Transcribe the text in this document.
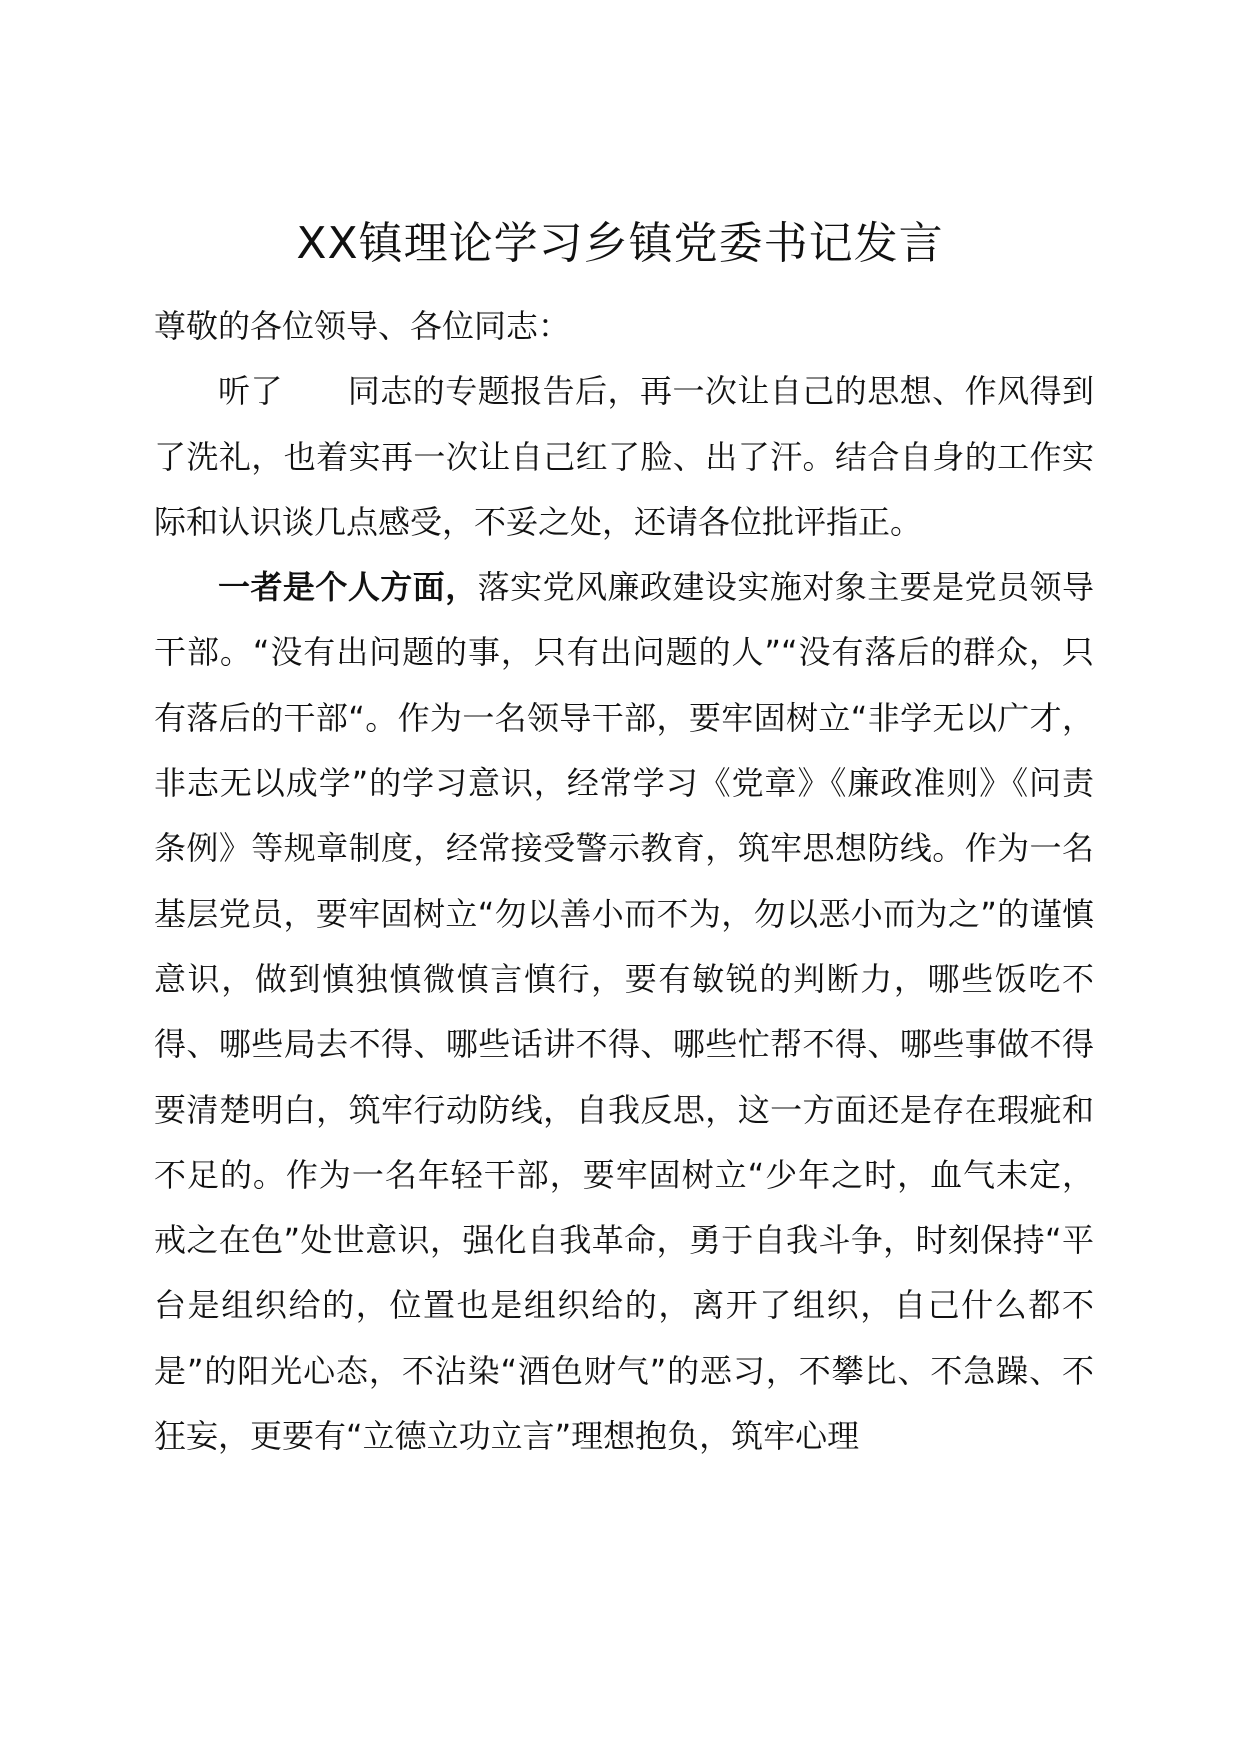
XX镇理论学习乡镇党委书记发言

尊敬的各位领导、各位同志：

听了　　同志的专题报告后，再一次让自己的思想、作风得到了洗礼，也着实再一次让自己红了脸、出了汗。结合自身的工作实际和认识谈几点感受，不妥之处，还请各位批评指正。

一者是个人方面，落实党风廉政建设实施对象主要是党员领导干部。“没有出问题的事，只有出问题的人”“没有落后的群众，只有落后的干部“。作为一名领导干部，要牢固树立“非学无以广才，非志无以成学”的学习意识，经常学习《党章》《廉政准则》《问责条例》等规章制度，经常接受警示教育，筑牢思想防线。作为一名基层党员，要牢固树立“勿以善小而不为，勿以恶小而为之”的谨慎意识，做到慎独慎微慎言慎行，要有敏锐的判断力，哪些饭吃不得、哪些局去不得、哪些话讲不得、哪些忙帮不得、哪些事做不得要清楚明白，筑牢行动防线，自我反思，这一方面还是存在瑕疵和不足的。作为一名年轻干部，要牢固树立“少年之时，血气未定，戒之在色”处世意识，强化自我革命，勇于自我斗争，时刻保持“平台是组织给的，位置也是组织给的，离开了组织，自己什么都不是”的阳光心态，不沾染“酒色财气”的恶习，不攀比、不急躁、不狂妄，更要有“立德立功立言”理想抱负，筑牢心理
